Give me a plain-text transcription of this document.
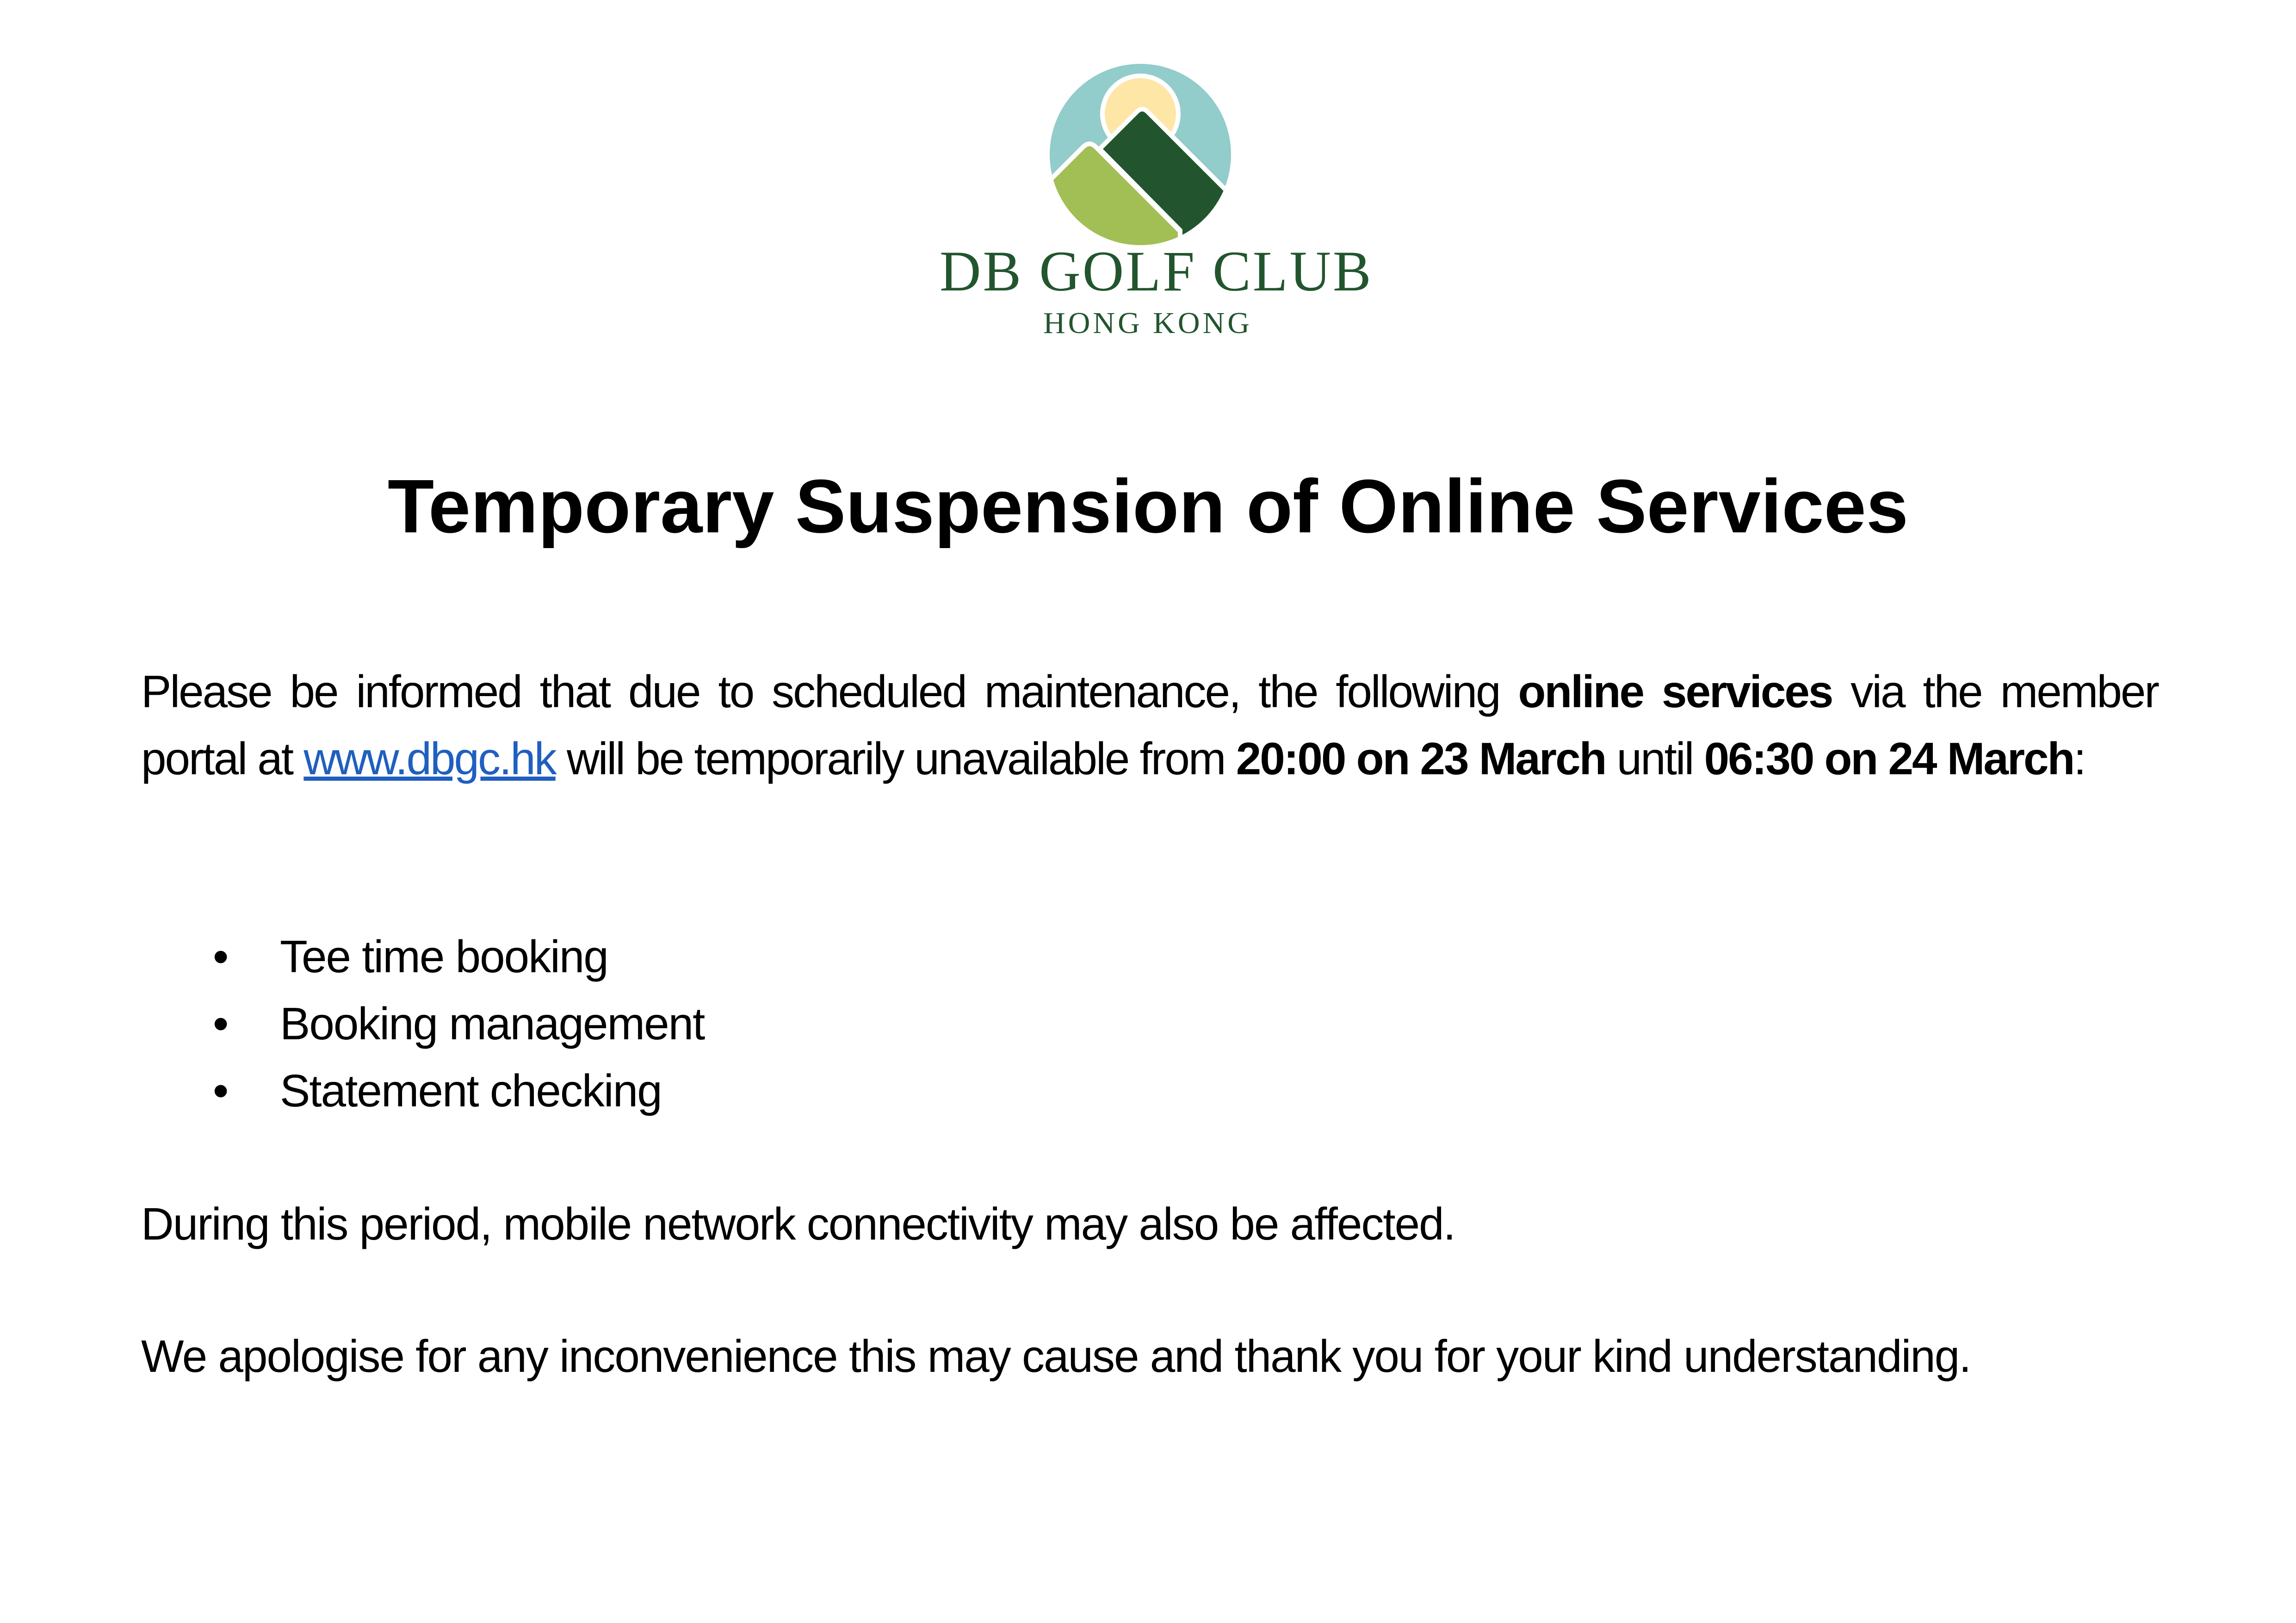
DB GOLF CLUB
HONG KONG
Temporary Suspension of Online Services

Please be informed that due to scheduled maintenance, the following online services via the member portal at www.dbgc.hk will be temporarily unavailable from 20:00 on 23 March until 06:30 on 24 March:

• Tee time booking
• Booking management
• Statement checking

During this period, mobile network connectivity may also be affected.

We apologise for any inconvenience this may cause and thank you for your kind understanding.
